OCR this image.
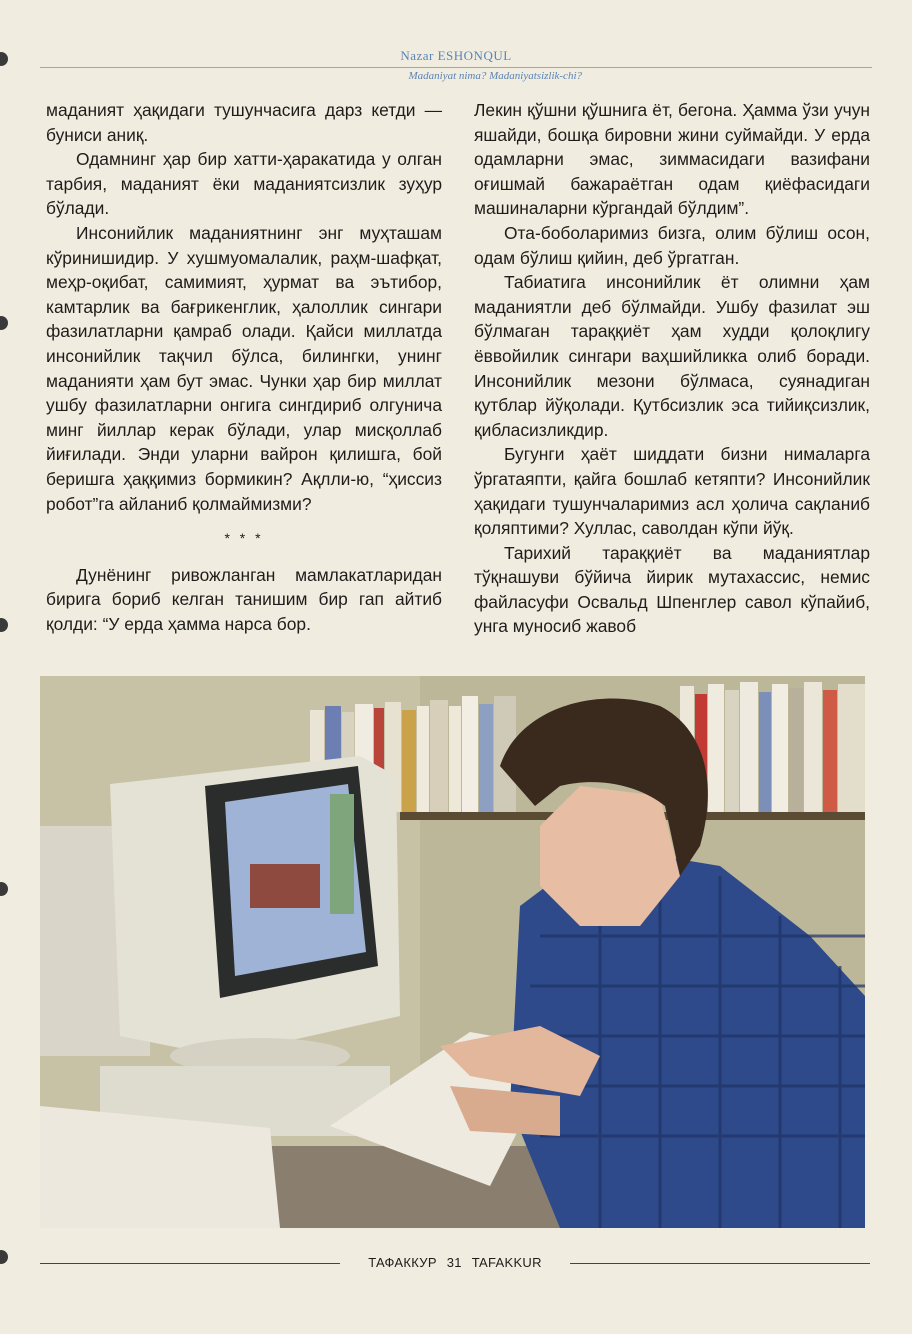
Nazar ESHONQUL
Madaniyat nima? Madaniyatsizlik-chi?

маданият ҳақидаги тушунчасига дарз кетди — буниси аниқ.

Одамнинг ҳар бир хатти-ҳаракатида у олган тарбия, маданият ёки маданиятсизлик зуҳур бўлади.

Инсонийлик маданиятнинг энг муҳташам кўринишидир. У хушмуомалалик, раҳм-шафқат, меҳр-оқибат, самимият, ҳурмат ва эътибор, камтарлик ва бағрикенглик, ҳалоллик сингари фазилатларни қамраб олади. Қайси миллатда инсонийлик тақчил бўлса, билингки, унинг маданияти ҳам бут эмас. Чунки ҳар бир миллат ушбу фазилатларни онгига сингдириб олгунича минг йиллар керак бўлади, улар мисқоллаб йиғилади. Энди уларни вайрон қилишга, бой беришга ҳаққимиз бормикин? Ақлли-ю, “ҳиссиз робот”га айланиб қолмаймизми?

* * *

Дунёнинг ривожланган мамлакатларидан бирига бориб келган танишим бир гап айтиб қолди: “У ерда ҳамма нарса бор.

Лекин қўшни қўшнига ёт, бегона. Ҳамма ўзи учун яшайди, бошқа бировни жини суймайди. У ерда одамларни эмас, зиммасидаги вазифани оғишмай бажараётган одам қиёфасидаги машиналарни кўргандай бўлдим”.

Ота-боболаримиз бизга, олим бўлиш осон, одам бўлиш қийин, деб ўргатган.

Табиатига инсонийлик ёт олимни ҳам маданиятли деб бўлмайди. Ушбу фазилат эш бўлмаган тараққиёт ҳам худди қолоқлигу ёввойилик сингари ваҳшийликка олиб боради. Инсонийлик мезони бўлмаса, суянадиган қутблар йўқолади. Қутбсизлик эса тийиқсизлик, қибласизликдир.

Бугунги ҳаёт шиддати бизни нималарга ўргатаяпти, қайга бошлаб кетяпти? Инсонийлик ҳақидаги тушунчаларимиз асл ҳолича сақланиб қоляптими? Хуллас, саволдан кўпи йўқ.

Тарихий тараққиёт ва маданиятлар тўқнашуви бўйича йирик мутахассис, немис файласуфи Освальд Шпенглер савол кўпайиб, унга муносиб жавоб

ТАФАККУР 31 TAFAKKUR
